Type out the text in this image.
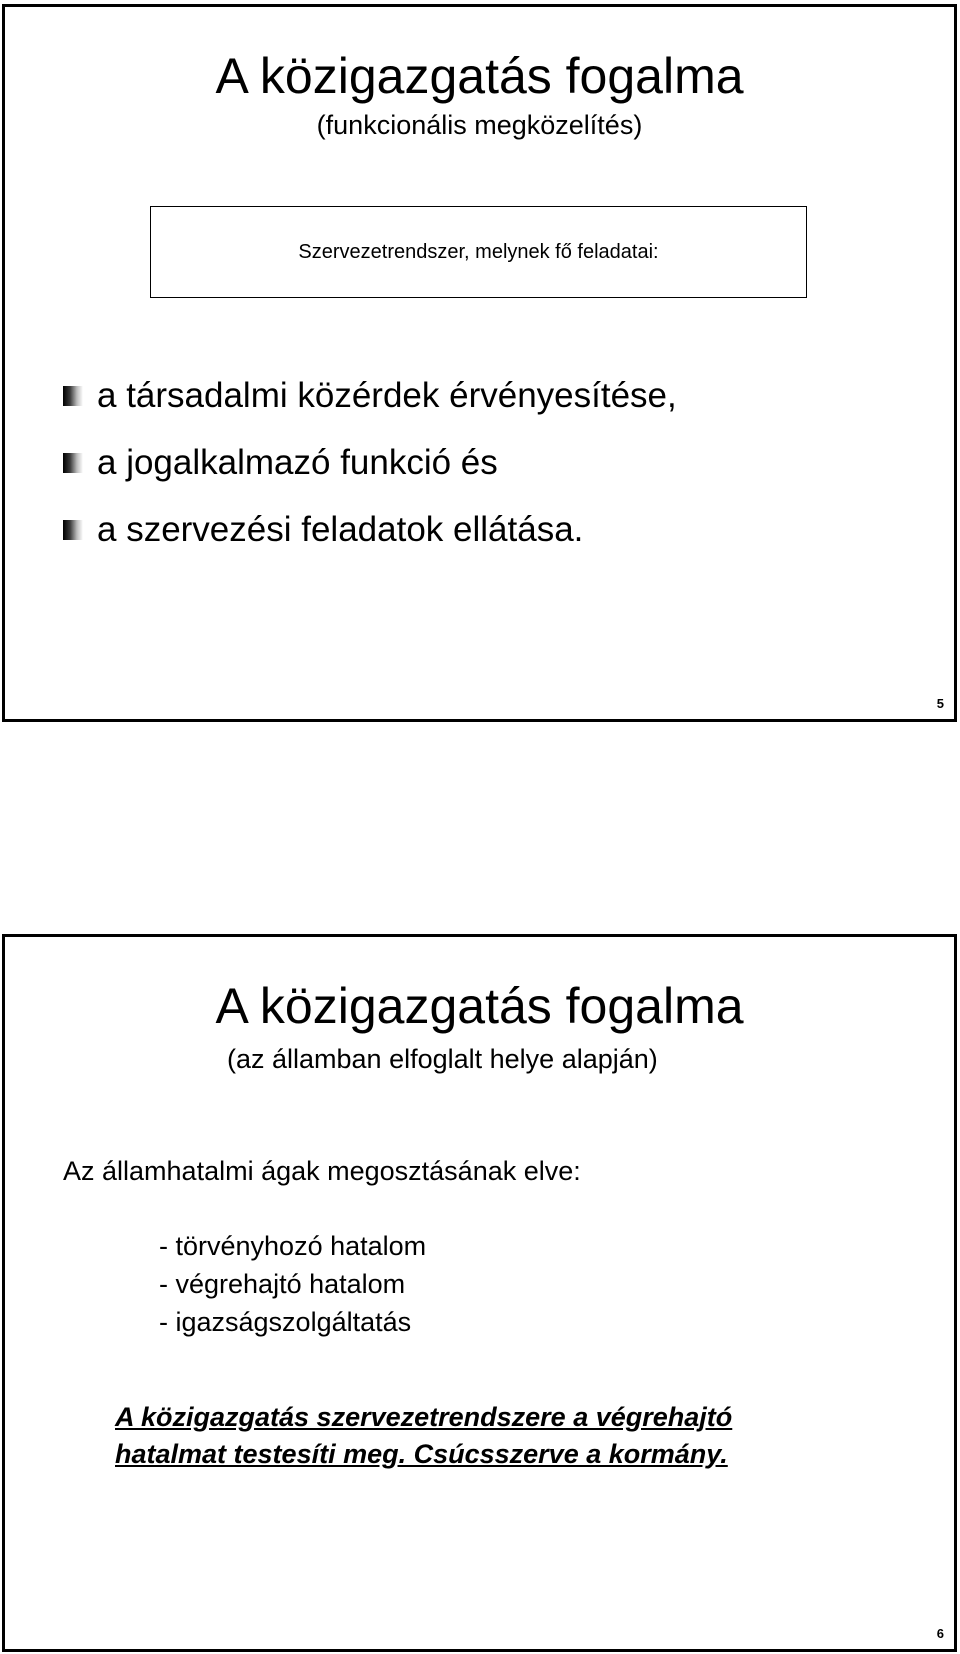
A közigazgatás fogalma
(funkcionális megközelítés)
Szervezetrendszer, melynek fő feladatai:
a társadalmi közérdek érvényesítése,
a jogalkalmazó funkció és
a szervezési feladatok ellátása.
5
A közigazgatás fogalma
(az államban elfoglalt helye alapján)
Az államhatalmi ágak megosztásának elve:
- törvényhozó hatalom
- végrehajtó hatalom
- igazságszolgáltatás
A közigazgatás szervezetrendszere a végrehajtó
hatalmat testesíti meg. Csúcsszerve a kormány.
6
